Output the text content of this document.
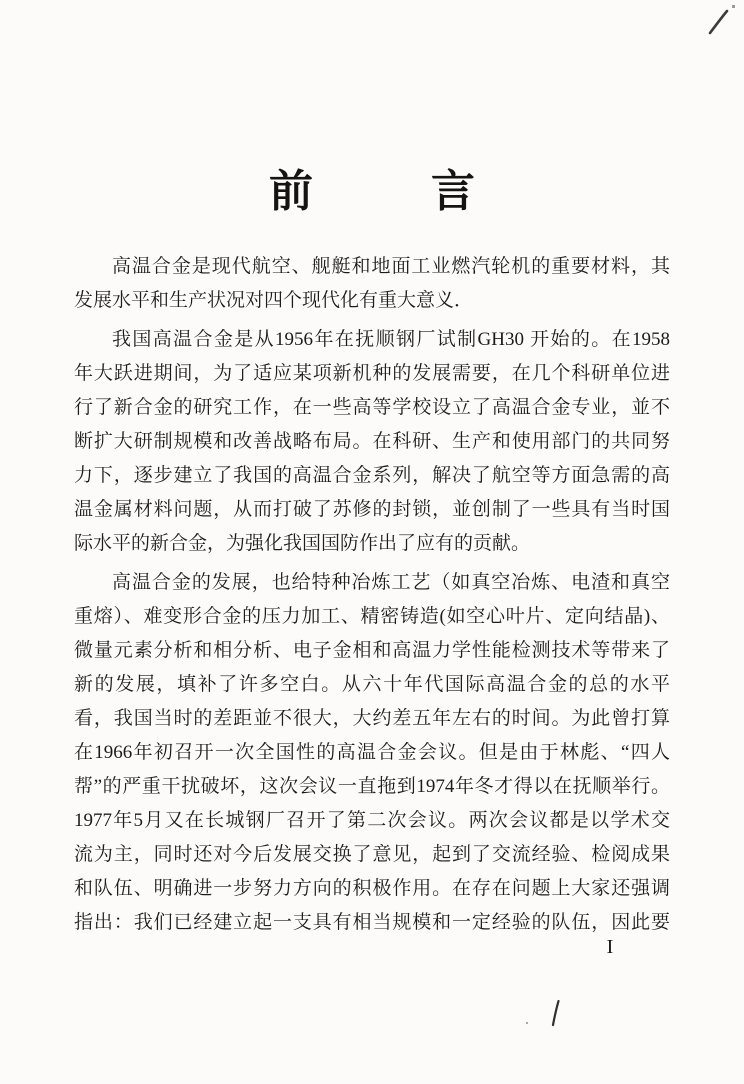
前	言

高温合金是现代航空、舰艇和地面工业燃汽轮机的重要材料，其
发展水平和生产状况对四个现代化有重大意义．

我国高温合金是从1956年在抚顺钢厂试制GH30 开始的。在1958
年大跃进期间，为了适应某项新机种的发展需要，在几个科研单位进
行了新合金的研究工作，在一些高等学校设立了高温合金专业，並不
断扩大研制规模和改善战略布局。在科研、生产和使用部门的共同努
力下，逐步建立了我国的高温合金系列，解决了航空等方面急需的高
温金属材料问题，从而打破了苏修的封锁，並创制了一些具有当时国
际水平的新合金，为强化我国国防作出了应有的贡献。

高温合金的发展，也给特种冶炼工艺（如真空冶炼、电渣和真空
重熔）、难变形合金的压力加工、精密铸造(如空心叶片、定向结晶)、
微量元素分析和相分析、电子金相和高温力学性能检测技术等带来了
新的发展，填补了许多空白。从六十年代国际高温合金的总的水平
看，我国当时的差距並不很大，大约差五年左右的时间。为此曾打算
在1966年初召开一次全国性的高温合金会议。但是由于林彪、“四人
帮”的严重干扰破坏，这次会议一直拖到1974年冬才得以在抚顺举行。
1977年5月又在长城钢厂召开了第二次会议。两次会议都是以学术交
流为主，同时还对今后发展交换了意见，起到了交流经验、检阅成果
和队伍、明确进一步努力方向的积极作用。在存在问题上大家还强调
指出：我们已经建立起一支具有相当规模和一定经验的队伍，因此要

I
